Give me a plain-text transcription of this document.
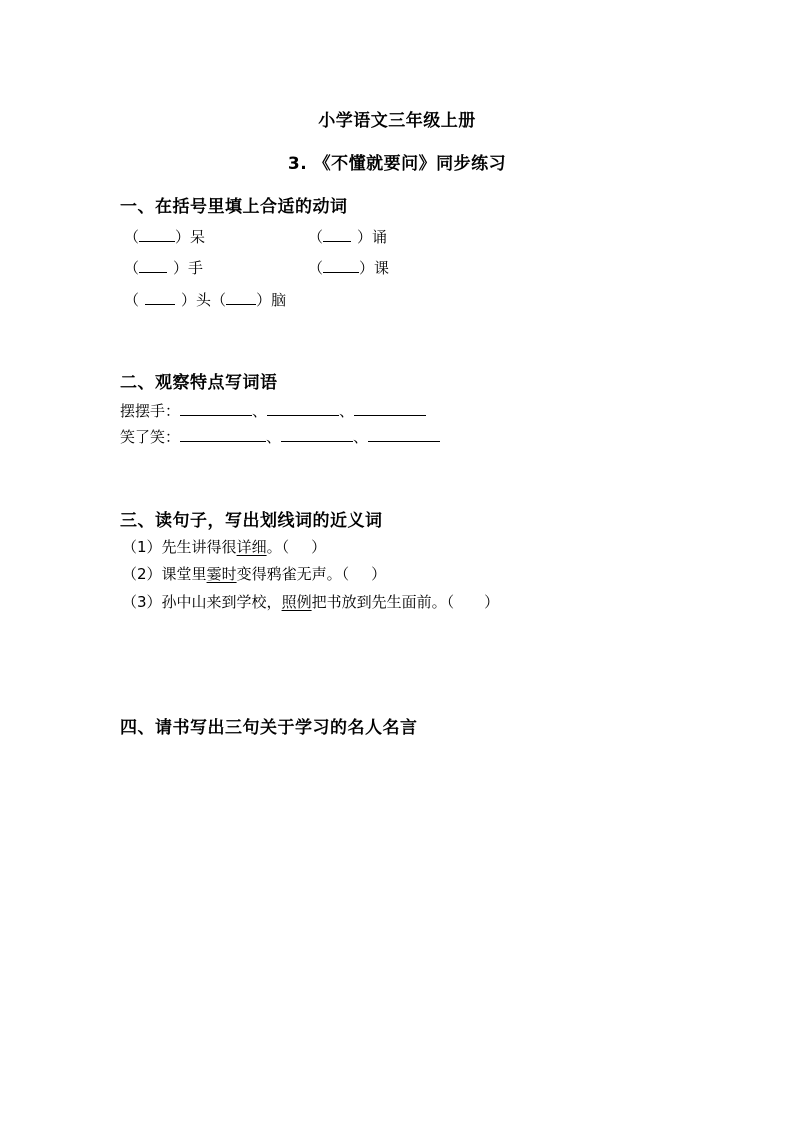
小学语文三年级上册
3. 《不懂就要问》同步练习
一、在括号里填上合适的动词
（ ）呆	（ ）诵
（ ）手	（ ）课
（	）头（ ）脑
二、观察特点写词语
摆摆手：	、	、
笑了笑：	、	、
三、读句子，写出划线词的近义词
（1）先生讲得很详细。（ ）
（2）课堂里霎时变得鸦雀无声。（ ）
（3）孙中山来到学校，照例把书放到先生面前。（ ）
四、请书写出三句关于学习的名人名言
